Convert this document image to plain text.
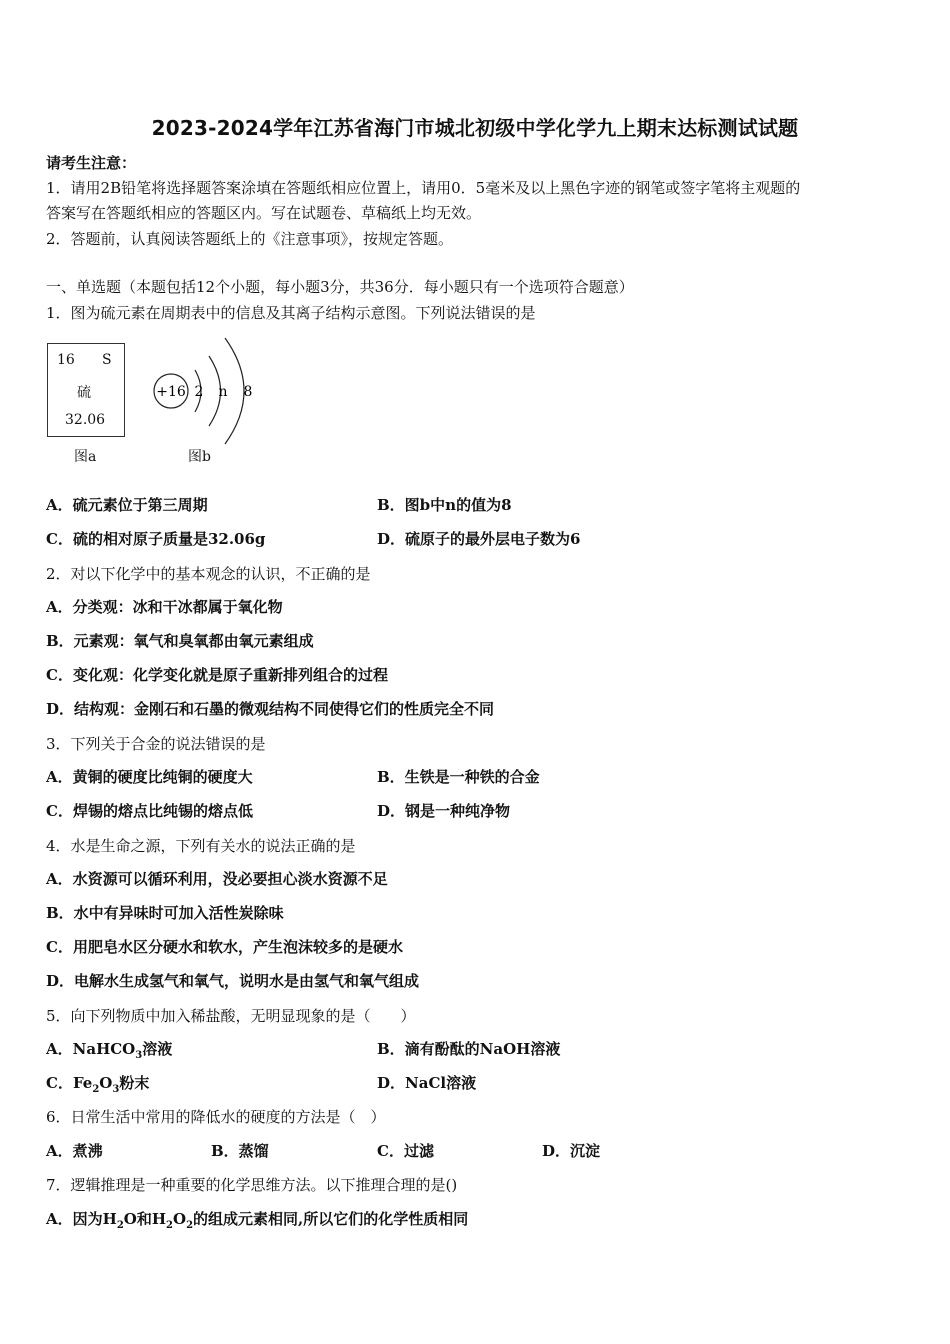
2023-2024学年江苏省海门市城北初级中学化学九上期末达标测试试题
请考生注意：
1．请用2B铅笔将选择题答案涂填在答题纸相应位置上，请用0．5毫米及以上黑色字迹的钢笔或签字笔将主观题的
答案写在答题纸相应的答题区内。写在试题卷、草稿纸上均无效。
2．答题前，认真阅读答题纸上的《注意事项》，按规定答题。
一、单选题（本题包括12个小题，每小题3分，共36分．每小题只有一个选项符合题意）
1．图为硫元素在周期表中的信息及其离子结构示意图。下列说法错误的是
16 S
硫
32.06
图a
+16 2 n 8
图b
A．硫元素位于第三周期	B．图b中n的值为8
C．硫的相对原子质量是32.06g	D．硫原子的最外层电子数为6
2．对以下化学中的基本观念的认识，不正确的是
A．分类观：冰和干冰都属于氧化物
B．元素观：氧气和臭氧都由氧元素组成
C．变化观：化学变化就是原子重新排列组合的过程
D．结构观：金刚石和石墨的微观结构不同使得它们的性质完全不同
3．下列关于合金的说法错误的是
A．黄铜的硬度比纯铜的硬度大	B．生铁是一种铁的合金
C．焊锡的熔点比纯锡的熔点低	D．钢是一种纯净物
4．水是生命之源，下列有关水的说法正确的是
A．水资源可以循环利用，没必要担心淡水资源不足
B．水中有异味时可加入活性炭除味
C．用肥皂水区分硬水和软水，产生泡沫较多的是硬水
D．电解水生成氢气和氧气，说明水是由氢气和氧气组成
5．向下列物质中加入稀盐酸，无明显现象的是（　　）
A．NaHCO$_3$溶液	B．滴有酚酞的NaOH溶液
C．$Fe_2O_3$粉末	D．NaCl溶液
6．日常生活中常用的降低水的硬度的方法是（　）
A．煮沸	B．蒸馏	C．过滤	D．沉淀
7．逻辑推理是一种重要的化学思维方法。以下推理合理的是()
A．因为$H_2O$和$H_2O_2$的组成元素相同,所以它们的化学性质相同
